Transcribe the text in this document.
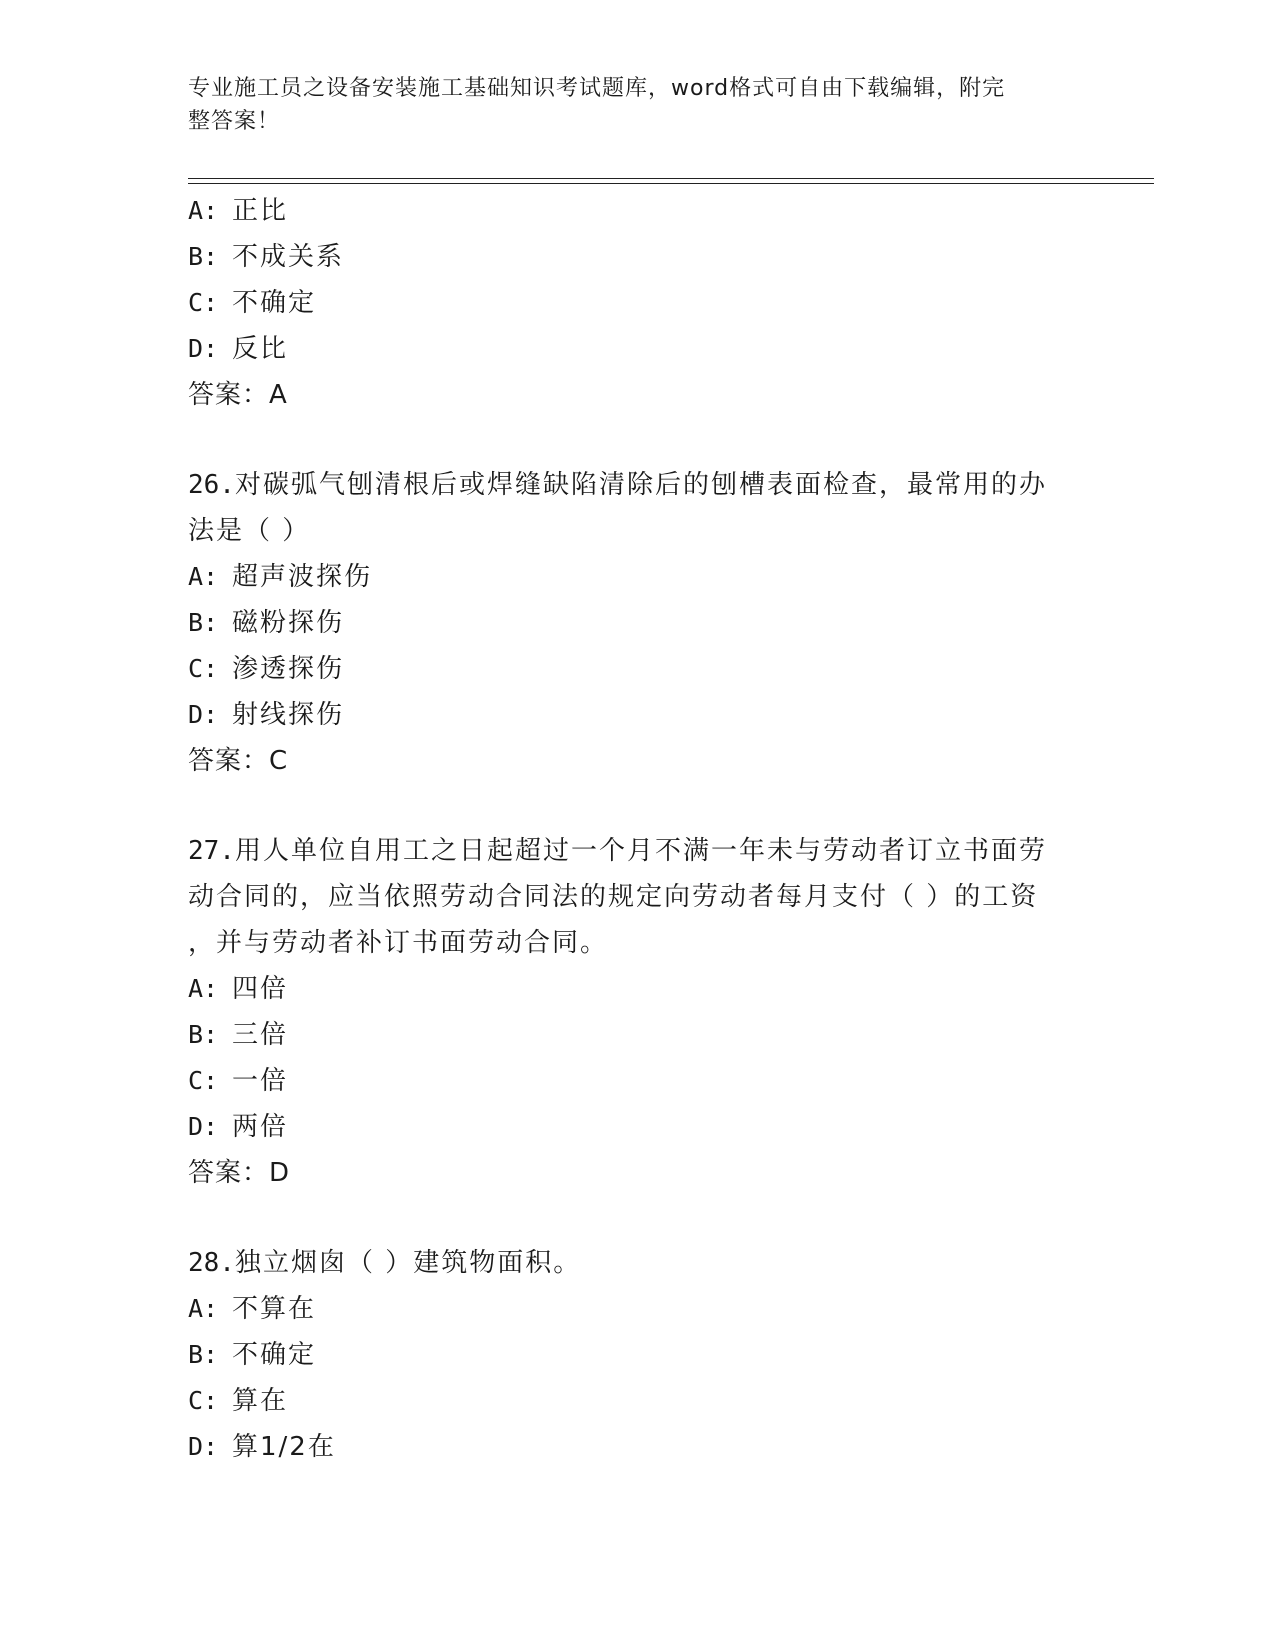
专业施工员之设备安装施工基础知识考试题库，word格式可自由下载编辑，附完
整答案！
A: 正比
B: 不成关系
C: 不确定
D: 反比
答案：A
26.对碳弧气刨清根后或焊缝缺陷清除后的刨槽表面检查，最常用的办
法是（ ）
A: 超声波探伤
B: 磁粉探伤
C: 渗透探伤
D: 射线探伤
答案：C
27.用人单位自用工之日起超过一个月不满一年未与劳动者订立书面劳
动合同的，应当依照劳动合同法的规定向劳动者每月支付（ ）的工资
，并与劳动者补订书面劳动合同。
A: 四倍
B: 三倍
C: 一倍
D: 两倍
答案：D
28.独立烟囱（ ）建筑物面积。
A: 不算在
B: 不确定
C: 算在
D: 算1/2在
